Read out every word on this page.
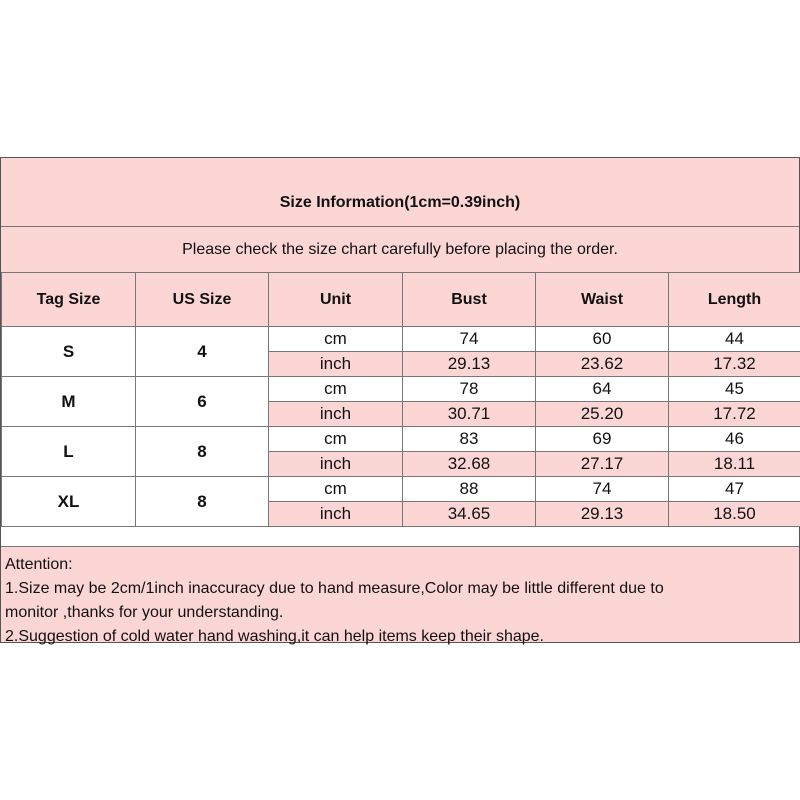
Size Information(1cm=0.39inch)
Please check the size chart carefully before placing the order.
Tag Size	US Size	Unit	Bust	Waist	Length
S	4	cm	74	60	44
		inch	29.13	23.62	17.32
M	6	cm	78	64	45
		inch	30.71	25.20	17.72
L	8	cm	83	69	46
		inch	32.68	27.17	18.11
XL	8	cm	88	74	47
		inch	34.65	29.13	18.50
Attention:
1.Size may be 2cm/1inch inaccuracy due to hand measure,Color may be little different due to
monitor ,thanks for your understanding.
2.Suggestion of cold water hand washing,it can help items keep their shape.
